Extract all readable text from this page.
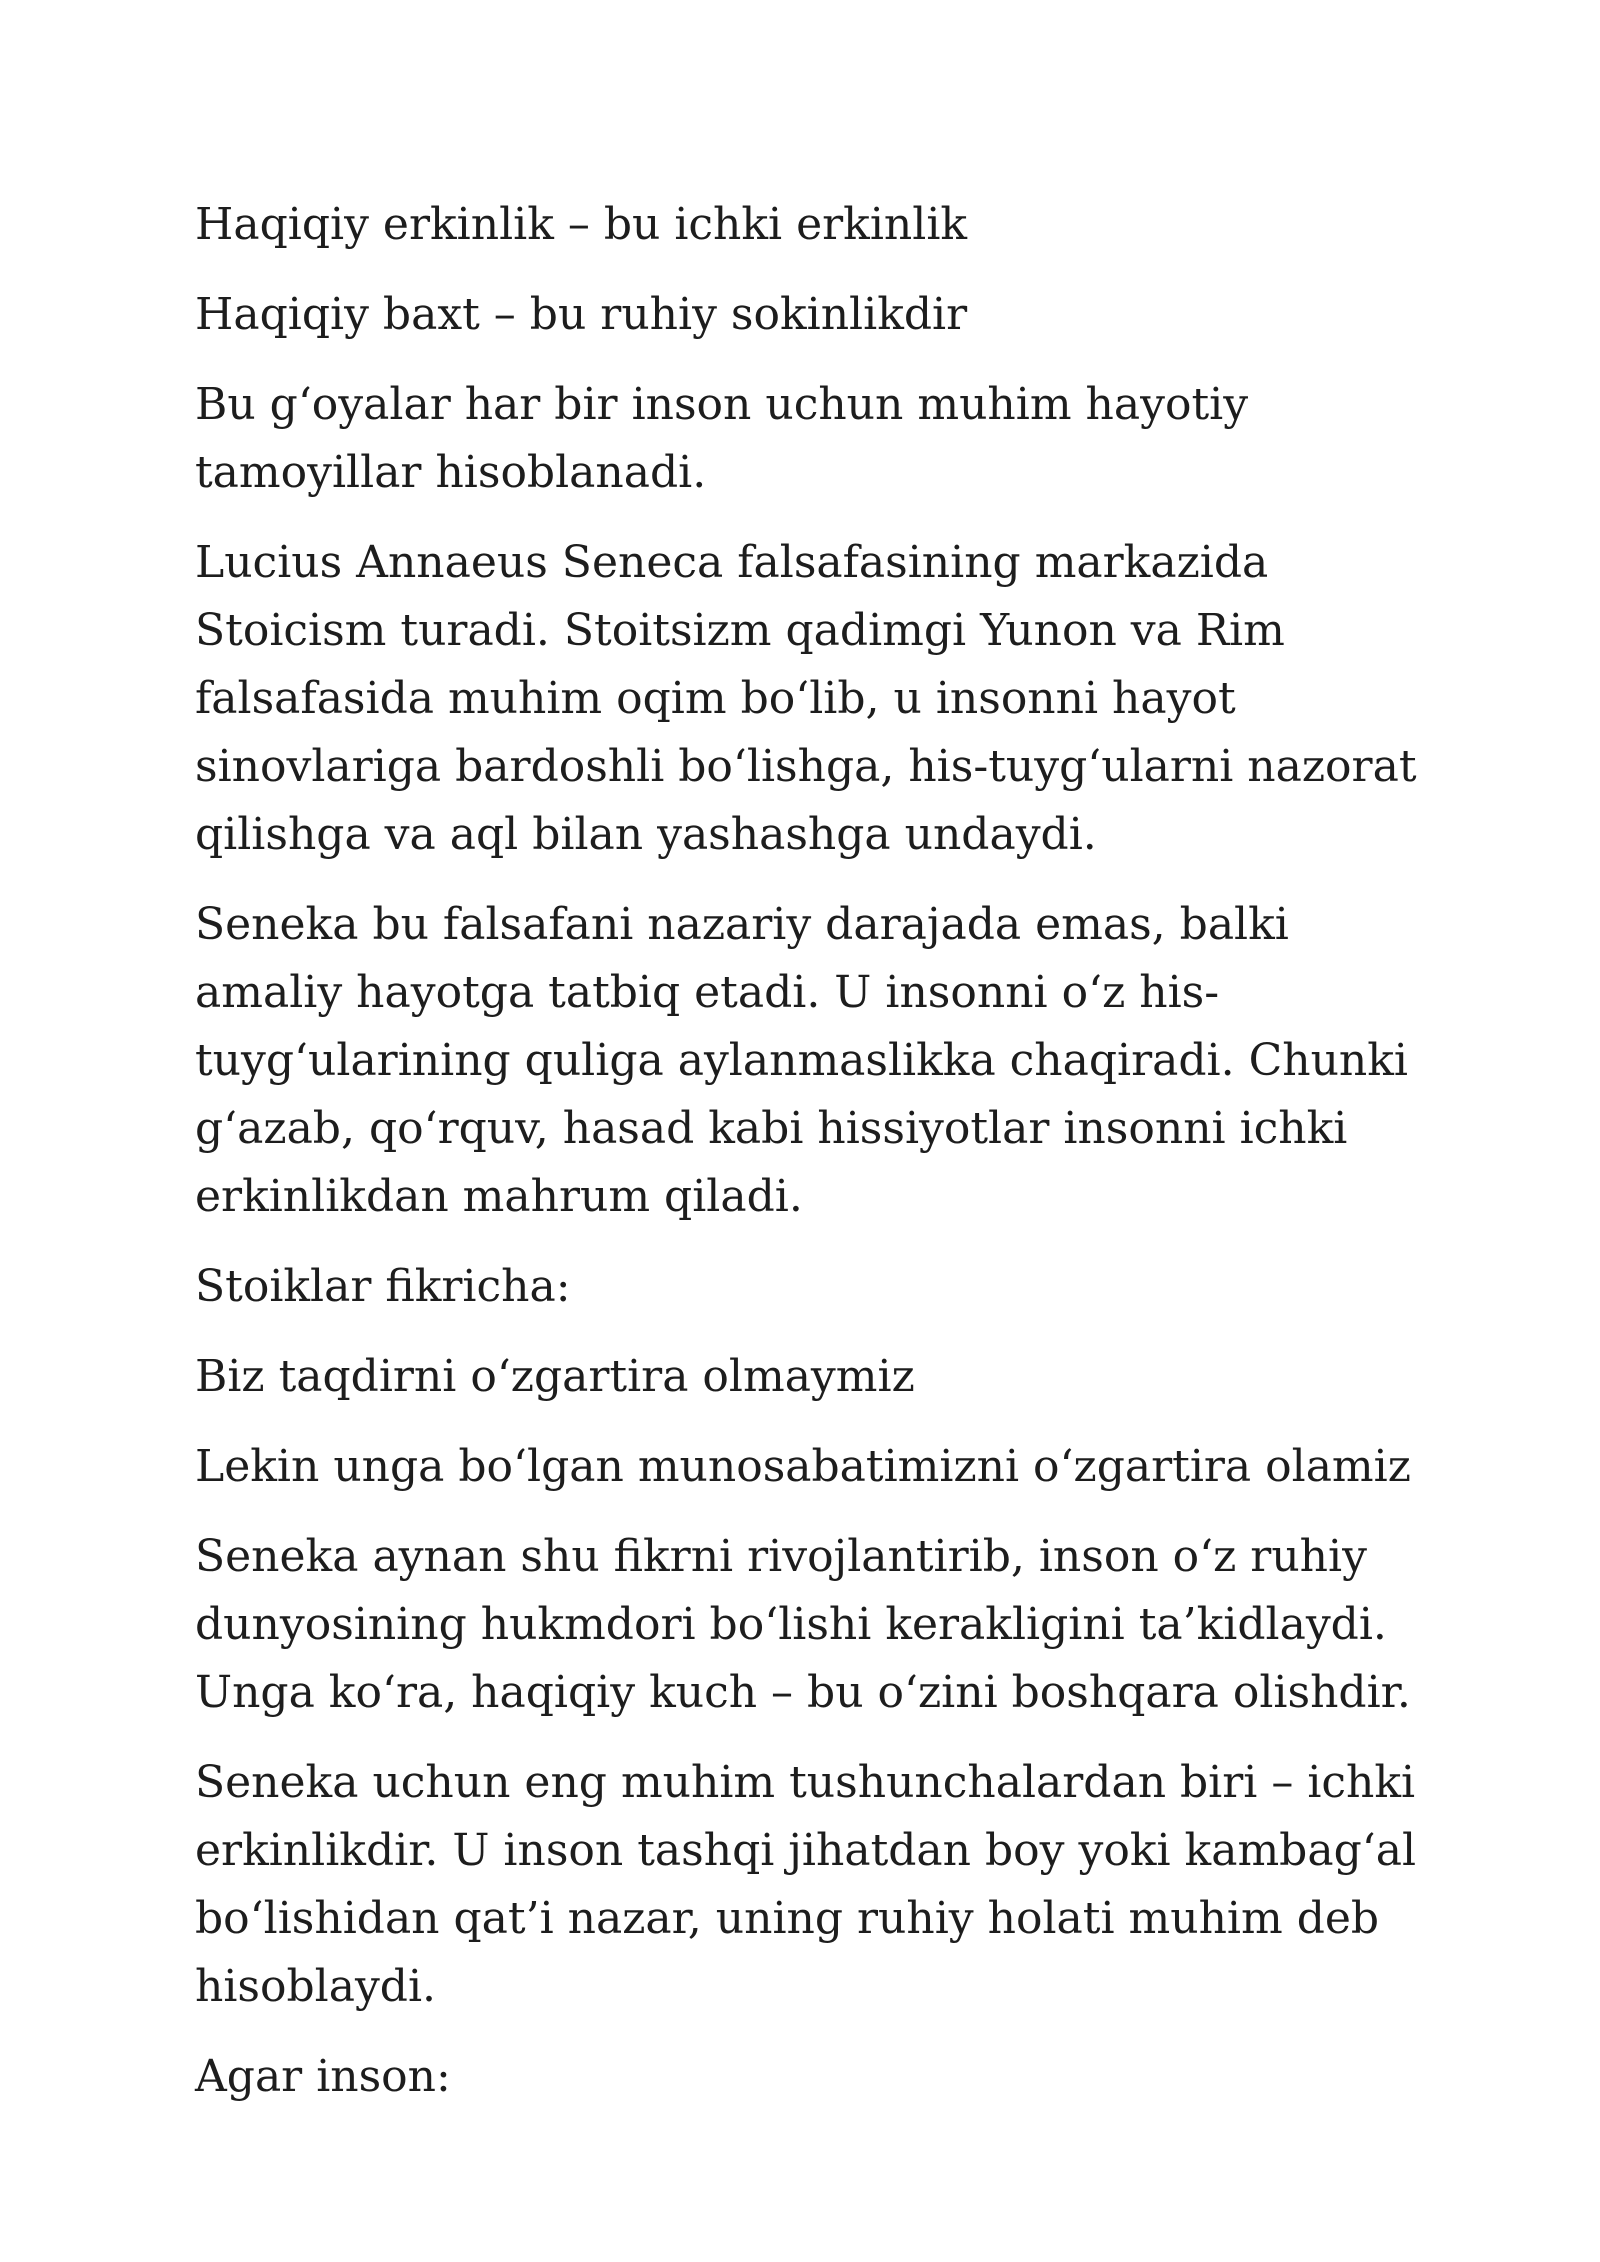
Haqiqiy erkinlik – bu ichki erkinlik

Haqiqiy baxt – bu ruhiy sokinlikdir

Bu g‘oyalar har bir inson uchun muhim hayotiy tamoyillar hisoblanadi.

Lucius Annaeus Seneca falsafasining markazida Stoicism turadi. Stoitsizm qadimgi Yunon va Rim falsafasida muhim oqim bo‘lib, u insonni hayot sinovlariga bardoshli bo‘lishga, his-tuyg‘ularni nazorat qilishga va aql bilan yashashga undaydi.

Seneka bu falsafani nazariy darajada emas, balki amaliy hayotga tatbiq etadi. U insonni o‘z his-tuyg‘ularining quliga aylanmaslikka chaqiradi. Chunki g‘azab, qo‘rquv, hasad kabi hissiyotlar insonni ichki erkinlikdan mahrum qiladi.

Stoiklar fikricha:

Biz taqdirni o‘zgartira olmaymiz

Lekin unga bo‘lgan munosabatimizni o‘zgartira olamiz

Seneka aynan shu fikrni rivojlantirib, inson o‘z ruhiy dunyosining hukmdori bo‘lishi kerakligini ta’kidlaydi. Unga ko‘ra, haqiqiy kuch – bu o‘zini boshqara olishdir.

Seneka uchun eng muhim tushunchalardan biri – ichki erkinlikdir. U inson tashqi jihatdan boy yoki kambag‘al bo‘lishidan qat’i nazar, uning ruhiy holati muhim deb hisoblaydi.

Agar inson:
